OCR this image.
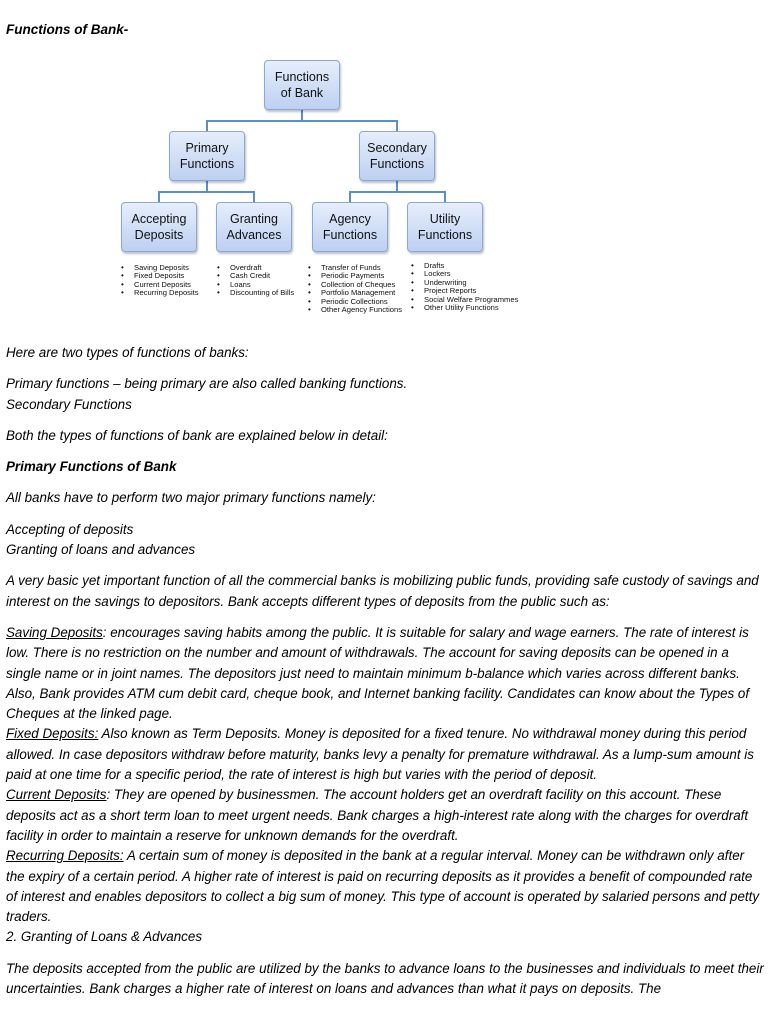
Functions of Bank-
Functions
of Bank
Primary
Functions
Secondary
Functions
Accepting
Deposits
Granting
Advances
Agency
Functions
Utility
Functions
• Saving Deposits
• Fixed Deposits
• Current Deposits
• Recurring Deposits
• Overdraft
• Cash Credit
• Loans
• Discounting of Bills
• Transfer of Funds
• Periodic Payments
• Collection of Cheques
• Portfolio Management
• Periodic Collections
• Other Agency Functions
• Drafts
• Lockers
• Underwriting
• Project Reports
• Social Welfare Programmes
• Other Utility Functions

Here are two types of functions of banks:

Primary functions – being primary are also called banking functions.

Secondary Functions

Both the types of functions of bank are explained below in detail:

Primary Functions of Bank

All banks have to perform two major primary functions namely:

Accepting of deposits

Granting of loans and advances

A very basic yet important function of all the commercial banks is mobilizing public funds, providing safe custody of savings and interest on the savings to depositors. Bank accepts different types of deposits from the public such as:

Saving Deposits: encourages saving habits among the public. It is suitable for salary and wage earners. The rate of interest is low. There is no restriction on the number and amount of withdrawals. The account for saving deposits can be opened in a single name or in joint names. The depositors just need to maintain minimum b-balance which varies across different banks. Also, Bank provides ATM cum debit card, cheque book, and Internet banking facility. Candidates can know about the Types of Cheques at the linked page.

Fixed Deposits: Also known as Term Deposits. Money is deposited for a fixed tenure. No withdrawal money during this period allowed. In case depositors withdraw before maturity, banks levy a penalty for premature withdrawal. As a lump-sum amount is paid at one time for a specific period, the rate of interest is high but varies with the period of deposit.

Current Deposits: They are opened by businessmen. The account holders get an overdraft facility on this account. These deposits act as a short term loan to meet urgent needs. Bank charges a high-interest rate along with the charges for overdraft facility in order to maintain a reserve for unknown demands for the overdraft.

Recurring Deposits: A certain sum of money is deposited in the bank at a regular interval. Money can be withdrawn only after the expiry of a certain period. A higher rate of interest is paid on recurring deposits as it provides a benefit of compounded rate of interest and enables depositors to collect a big sum of money. This type of account is operated by salaried persons and petty traders.

2. Granting of Loans & Advances

The deposits accepted from the public are utilized by the banks to advance loans to the businesses and individuals to meet their uncertainties. Bank charges a higher rate of interest on loans and advances than what it pays on deposits. The
